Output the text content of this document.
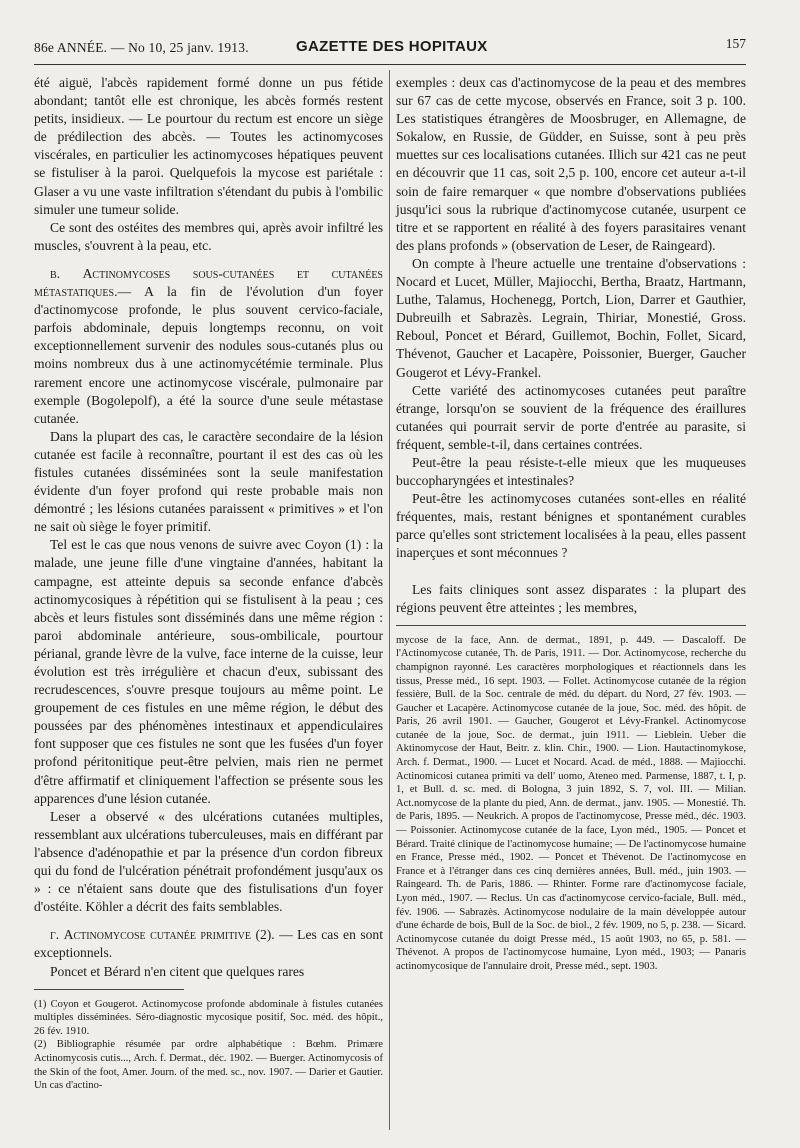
86e ANNÉE. — No 10, 25 janv. 1913.	GAZETTE DES HOPITAUX	157

été aiguë, l'abcès rapidement formé donne un pus fétide abondant; tantôt elle est chronique, les abcès formés restent petits, insidieux. — Le pourtour du rectum est encore un siège de prédilection des abcès. — Toutes les actinomycoses viscérales, en particulier les actinomycoses hépatiques peuvent se fistuliser à la paroi. Quelquefois la mycose est pariétale : Glaser a vu une vaste infiltration s'étendant du pubis à l'ombilic simuler une tumeur solide.

Ce sont des ostéites des membres qui, après avoir infiltré les muscles, s'ouvrent à la peau, etc.

β. Actinomycoses sous-cutanées et cutanées métastatiques.— A la fin de l'évolution d'un foyer d'actinomycose profonde, le plus souvent cervico-faciale, parfois abdominale, depuis longtemps reconnu, on voit exceptionnellement survenir des nodules sous-cutanés plus ou moins nombreux dus à une actinomycétémie terminale. Plus rarement encore une actinomycose viscérale, pulmonaire par exemple (Bogolepolf), a été la source d'une seule métastase cutanée.

Dans la plupart des cas, le caractère secondaire de la lésion cutanée est facile à reconnaître, pourtant il est des cas où les fistules cutanées disséminées sont la seule manifestation évidente d'un foyer profond qui reste probable mais non démontré ; les lésions cutanées paraissent « primitives » et l'on ne sait où siège le foyer primitif.

Tel est le cas que nous venons de suivre avec Coyon (1) : la malade, une jeune fille d'une vingtaine d'années, habitant la campagne, est atteinte depuis sa seconde enfance d'abcès actinomycosiques à répétition qui se fistulisent à la peau ; ces abcès et leurs fistules sont disséminés dans une même région : paroi abdominale antérieure, sous-ombilicale, pourtour périanal, grande lèvre de la vulve, face interne de la cuisse, leur évolution est très irrégulière et chacun d'eux, subissant des recrudescences, s'ouvre presque toujours au même point. Le groupement de ces fistules en une même région, le début des poussées par des phénomènes intestinaux et appendiculaires font supposer que ces fistules ne sont que les fusées d'un foyer profond péritonitique peut-être pelvien, mais rien ne permet d'être affirmatif et cliniquement l'affection se présente sous les apparences d'une lésion cutanée.

Leser a observé « des ulcérations cutanées multiples, ressemblant aux ulcérations tuberculeuses, mais en différant par l'absence d'adénopathie et par la présence d'un cordon fibreux qui du fond de l'ulcération pénétrait profondément jusqu'aux os » : ce n'étaient sans doute que des fistulisations d'un foyer d'ostéite. Köhler a décrit des faits semblables.

γ. Actinomycose cutanée primitive (2). — Les cas en sont exceptionnels.

Poncet et Bérard n'en citent que quelques rares

(1) Coyon et Gougerot. Actinomycose profonde abdominale à fistules cutanées multiples disséminées. Séro-diagnostic mycosique positif, Soc. méd. des hôpit., 26 fév. 1910.

(2) Bibliographie résumée par ordre alphabétique : Bœhm. Primære Actinomycosis cutis..., Arch. f. Dermat., déc. 1902. — Buerger. Actinomycosis of the Skin of the foot, Amer. Journ. of the med. sc., nov. 1907. — Darier et Gautier. Un cas d'actino-

exemples : deux cas d'actinomycose de la peau et des membres sur 67 cas de cette mycose, observés en France, soit 3 p. 100. Les statistiques étrangères de Moosbruger, en Allemagne, de Sokalow, en Russie, de Güdder, en Suisse, sont à peu près muettes sur ces localisations cutanées. Illich sur 421 cas ne peut en découvrir que 11 cas, soit 2,5 p. 100, encore cet auteur a-t-il soin de faire remarquer « que nombre d'observations publiées jusqu'ici sous la rubrique d'actinomycose cutanée, usurpent ce titre et se rapportent en réalité à des foyers parasitaires venant des plans profonds » (observation de Leser, de Raingeard).

On compte à l'heure actuelle une trentaine d'observations : Nocard et Lucet, Müller, Majiocchi, Bertha, Braatz, Hartmann, Luthe, Talamus, Hochenegg, Portch, Lion, Darrer et Gauthier, Dubreuilh et Sabrazès. Legrain, Thiriar, Monestié, Gross. Reboul, Poncet et Bérard, Guillemot, Bochin, Follet, Sicard, Thévenot, Gaucher et Lacapère, Poissonier, Buerger, Gaucher Gougerot et Lévy-Frankel.

Cette variété des actinomycoses cutanées peut paraître étrange, lorsqu'on se souvient de la fréquence des éraillures cutanées qui pourrait servir de porte d'entrée au parasite, si fréquent, semble-t-il, dans certaines contrées.

Peut-être la peau résiste-t-elle mieux que les muqueuses buccopharyngées et intestinales?

Peut-être les actinomycoses cutanées sont-elles en réalité fréquentes, mais, restant bénignes et spontanément curables parce qu'elles sont strictement localisées à la peau, elles passent inaperçues et sont méconnues ?

Les faits cliniques sont assez disparates : la plupart des régions peuvent être atteintes ; les membres,

mycose de la face, Ann. de dermat., 1891, p. 449. — Dascaloff. De l'Actinomycose cutanée, Th. de Paris, 1911. — Dor. Actinomycose, recherche du champignon rayonné. Les caractères morphologiques et réactionnels dans les tissus, Presse méd., 16 sept. 1903. — Follet. Actinomycose cutanée de la région fessière, Bull. de la Soc. centrale de méd. du départ. du Nord, 27 fév. 1903. — Gaucher et Lacapère. Actinomycose cutanée de la joue, Soc. méd. des hôpit. de Paris, 26 avril 1901. — Gaucher, Gougerot et Lévy-Frankel. Actinomycose cutanée de la joue, Soc. de dermat., juin 1911. — Lieblein. Ueber die Aktinomycose der Haut, Beitr. z. klin. Chir., 1900. — Lion. Hautactinomykose, Arch. f. Dermat., 1900. — Lucet et Nocard. Acad. de méd., 1888. — Majiocchi. Actinomicosi cutanea primiti va dell' uomo, Ateneo med. Parmense, 1887, t. I, p. 1, et Bull. d. sc. med. di Bologna, 3 juin 1892, S. 7, vol. III. — Milian. Act.nomycose de la plante du pied, Ann. de dermat., janv. 1905. — Monestié. Th. de Paris, 1895. — Neukrich. A propos de l'actinomycose, Presse méd., déc. 1903. — Poissonier. Actinomycose cutanée de la face, Lyon méd., 1905. — Poncet et Bérard. Traité clinique de l'actinomycose humaine; — De l'actinomycose humaine en France, Presse méd., 1902. — Poncet et Thévenot. De l'actinomycose en France et à l'étranger dans ces cinq dernières années, Bull. méd., juin 1903. — Raingeard. Th. de Paris, 1886. — Rhinter. Forme rare d'actinomycose faciale, Lyon méd., 1907. — Reclus. Un cas d'actinomycose cervico-faciale, Bull. méd., fév. 1906. — Sabrazès. Actinomycose nodulaire de la main développée autour d'une écharde de bois, Bull de la Soc. de biol., 2 fév. 1909, no 5, p. 238. — Sicard. Actinomycose cutanée du doigt Presse méd., 15 août 1903, no 65, p. 581. — Thévenot. A propos de l'actinomycose humaine, Lyon méd., 1903; — Panaris actinomycosique de l'annulaire droit, Presse méd., sept. 1903.
